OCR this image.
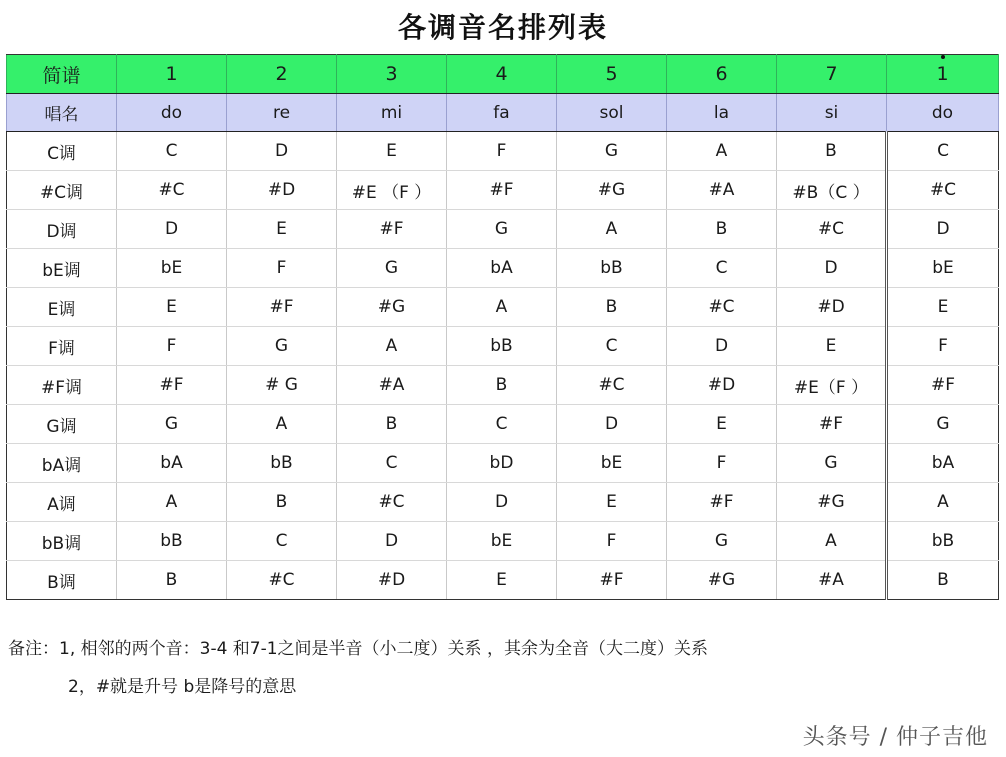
各调音名排列表
简谱	1	2	3	4	5	6	7	1
唱名	do	re	mi	fa	sol	la	si	do
C调	C	D	E	F	G	A	B	C
#C调	#C	#D	#E （F ）	#F	#G	#A	#B（C ）	#C
D调	D	E	#F	G	A	B	#C	D
bE调	bE	F	G	bA	bB	C	D	bE
E调	E	#F	#G	A	B	#C	#D	E
F调	F	G	A	bB	C	D	E	F
#F调	#F	# G	#A	B	#C	#D	#E（F ）	#F
G调	G	A	B	C	D	E	#F	G
bA调	bA	bB	C	bD	bE	F	G	bA
A调	A	B	#C	D	E	#F	#G	A
bB调	bB	C	D	bE	F	G	A	bB
B调	B	#C	#D	E	#F	#G	#A	B
备注：1, 相邻的两个音：3-4 和7-1之间是半音（小二度）关系 ，其余为全音（大二度）关系
2，#就是升号 b是降号的意思
头条号 / 仲子吉他
